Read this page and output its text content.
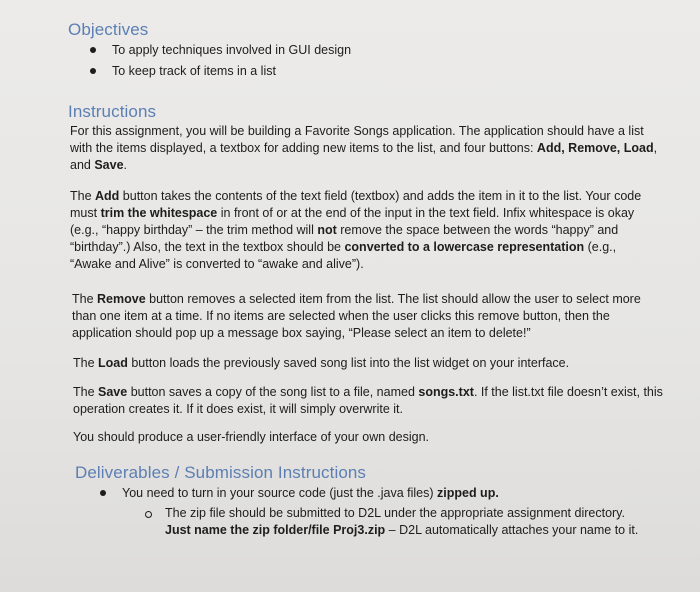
Objectives
To apply techniques involved in GUI design
To keep track of items in a list
Instructions

For this assignment, you will be building a Favorite Songs application. The application should have a list with the items displayed, a textbox for adding new items to the list, and four buttons: Add, Remove, Load, and Save.

The Add button takes the contents of the text field (textbox) and adds the item in it to the list. Your code must trim the whitespace in front of or at the end of the input in the text field. Infix whitespace is okay (e.g., “happy birthday” – the trim method will not remove the space between the words “happy” and “birthday”.) Also, the text in the textbox should be converted to a lowercase representation (e.g., “Awake and Alive” is converted to “awake and alive”).

The Remove button removes a selected item from the list. The list should allow the user to select more than one item at a time. If no items are selected when the user clicks this remove button, then the application should pop up a message box saying, “Please select an item to delete!”

The Load button loads the previously saved song list into the list widget on your interface.

The Save button saves a copy of the song list to a file, named songs.txt. If the list.txt file doesn’t exist, this operation creates it. If it does exist, it will simply overwrite it.

You should produce a user-friendly interface of your own design.

Deliverables / Submission Instructions
You need to turn in your source code (just the .java files) zipped up.
The zip file should be submitted to D2L under the appropriate assignment directory.
Just name the zip folder/file Proj3.zip – D2L automatically attaches your name to it.
